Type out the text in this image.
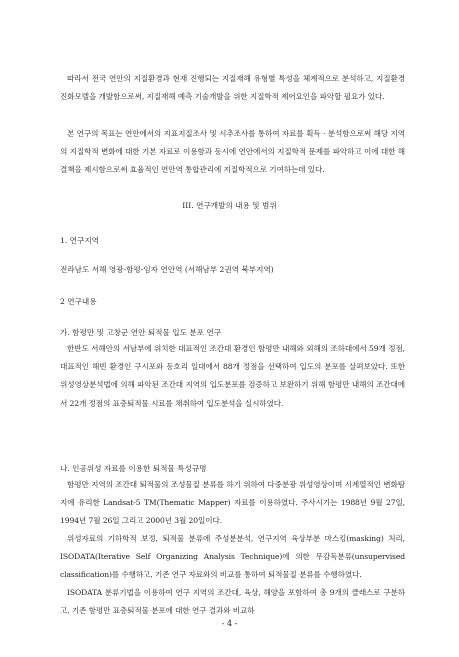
따라서 전국 연안의 지질환경과 현재 진행되는 지질재해 유형별 특성을 체계적으로 분석하고, 지질환경 진화모델을 개발함으로써, 지질재해 예측 기술개발을 위한 지질학적 제어요인을 파악할 필요가 있다.

본 연구의 목표는 연안에서의 지표지질조사 및 시추조사를 통하여 자료를 획득 · 분석함으로써 해당 지역의 지질학적 변화에 대한 기본 자료로 이용함과 동시에 연안에서의 지질학적 문제를 파악하고 이에 대한 해결책을 제시함으로써 효율적인 연안역 통합관리에 지질학적으로 기여하는데 있다.

III. 연구개발의 내용 및 범위

1. 연구지역

전라남도 서해 영광-함평-임자 연안역 (서해남부 2권역 북부지역)

2 연구내용

가. 함평만 및 고창군 연안 퇴적물 입도 분포 연구

한반도 서해안의 서남부에 위치한 대표적인 조간대 환경인 함평만 내해와 외해의 조하대에서 59개 정점, 대표적인 해빈 환경인 구시포와 동호리 일대에서 88개 정점을 선택하여 입도의 분포를 살펴보았다. 또한 위성영상분석법에 의해 파악된 조간대 지역의 입도분포를 검증하고 보완하기 위해 함평만 내해의 조간대에서 22개 정점의 표층퇴적물 시료를 채취하여 입도분석을 실시하였다.

나. 인공위성 자료를 이용한 퇴적물 특성규명

함평만 지역의 조간대 퇴적물의 조성물질 분류를 하기 위하여 다중분광 위성영상이며 시계열적인 변화탐지에 유리한 Landsat-5 TM(Thematic Mapper) 자료를 이용하였다. 주사시기는 1988년 9월 27일, 1994년 7월 26일 그리고 2000년 3월 20일이다.

위성자료의 기하학적 보정, 퇴적물 분류에 주성분분석, 연구지역 육상부분 마스킹(masking) 처리, ISODATA(Iterative Self Organizing Analysis Technique)에 의한 무감독분류(unsupervised classification)를 수행하고, 기존 연구 자료와의 비교를 통하여 퇴적물질 분류를 수행하였다.

ISODATA 분류기법을 이용하여 연구 지역의 조간대, 육상, 해양을 포함하여 총 9개의 클래스로 구분하고, 기존 함평만 표층퇴적물 분포에 대한 연구 결과와 비교하

- 4 -
